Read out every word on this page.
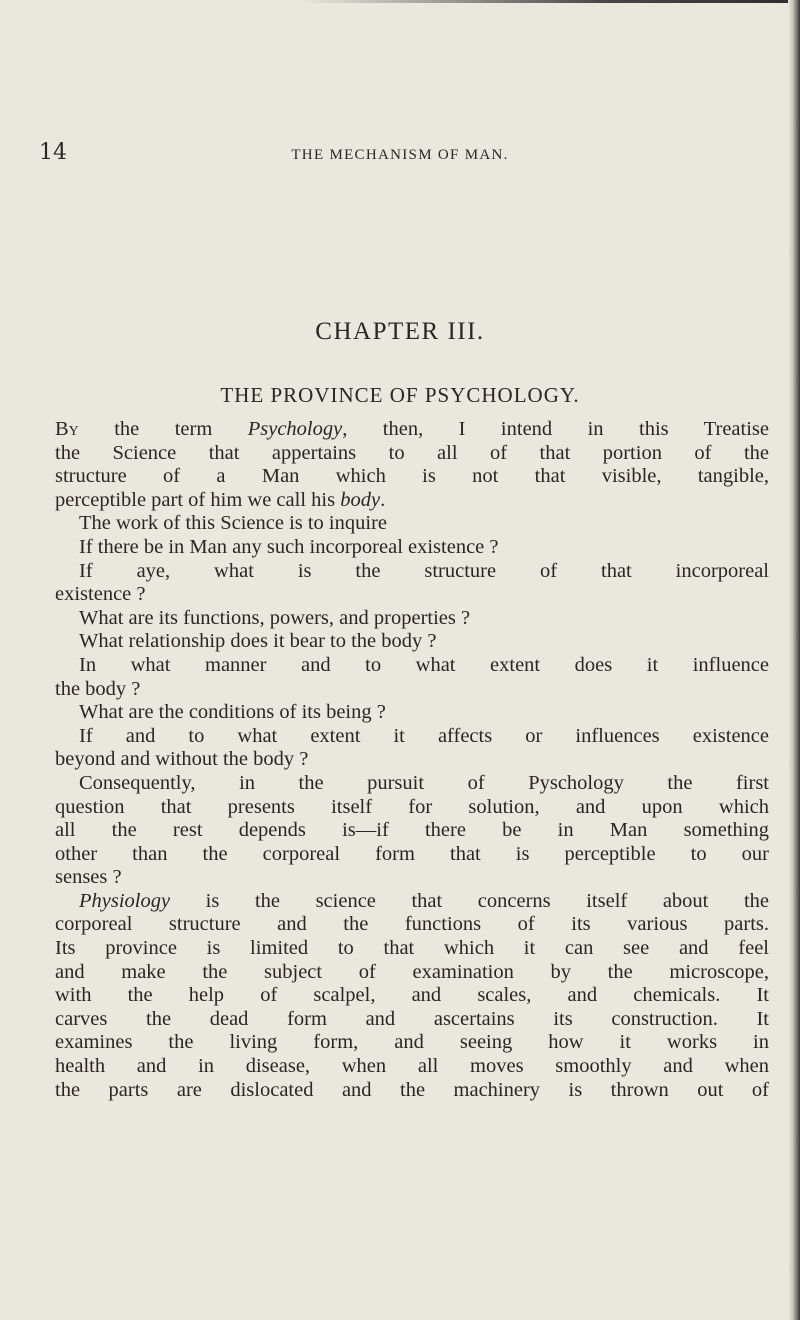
14	THE MECHANISM OF MAN.
CHAPTER III.
THE PROVINCE OF PSYCHOLOGY.
By the term Psychology, then, I intend in this Treatise
the Science that appertains to all of that portion of the
structure of a Man which is not that visible, tangible,
perceptible part of him we call his body.
The work of this Science is to inquire
If there be in Man any such incorporeal existence ?
If aye, what is the structure of that incorporeal
existence ?
What are its functions, powers, and properties ?
What relationship does it bear to the body ?
In what manner and to what extent does it influence
the body ?
What are the conditions of its being ?
If and to what extent it affects or influences existence
beyond and without the body ?
Consequently, in the pursuit of Pyschology the first
question that presents itself for solution, and upon which
all the rest depends is—if there be in Man something
other than the corporeal form that is perceptible to our
senses ?
Physiology is the science that concerns itself about the
corporeal structure and the functions of its various parts.
Its province is limited to that which it can see and feel
and make the subject of examination by the microscope,
with the help of scalpel, and scales, and chemicals. It
carves the dead form and ascertains its construction. It
examines the living form, and seeing how it works in
health and in disease, when all moves smoothly and when
the parts are dislocated and the machinery is thrown out of
